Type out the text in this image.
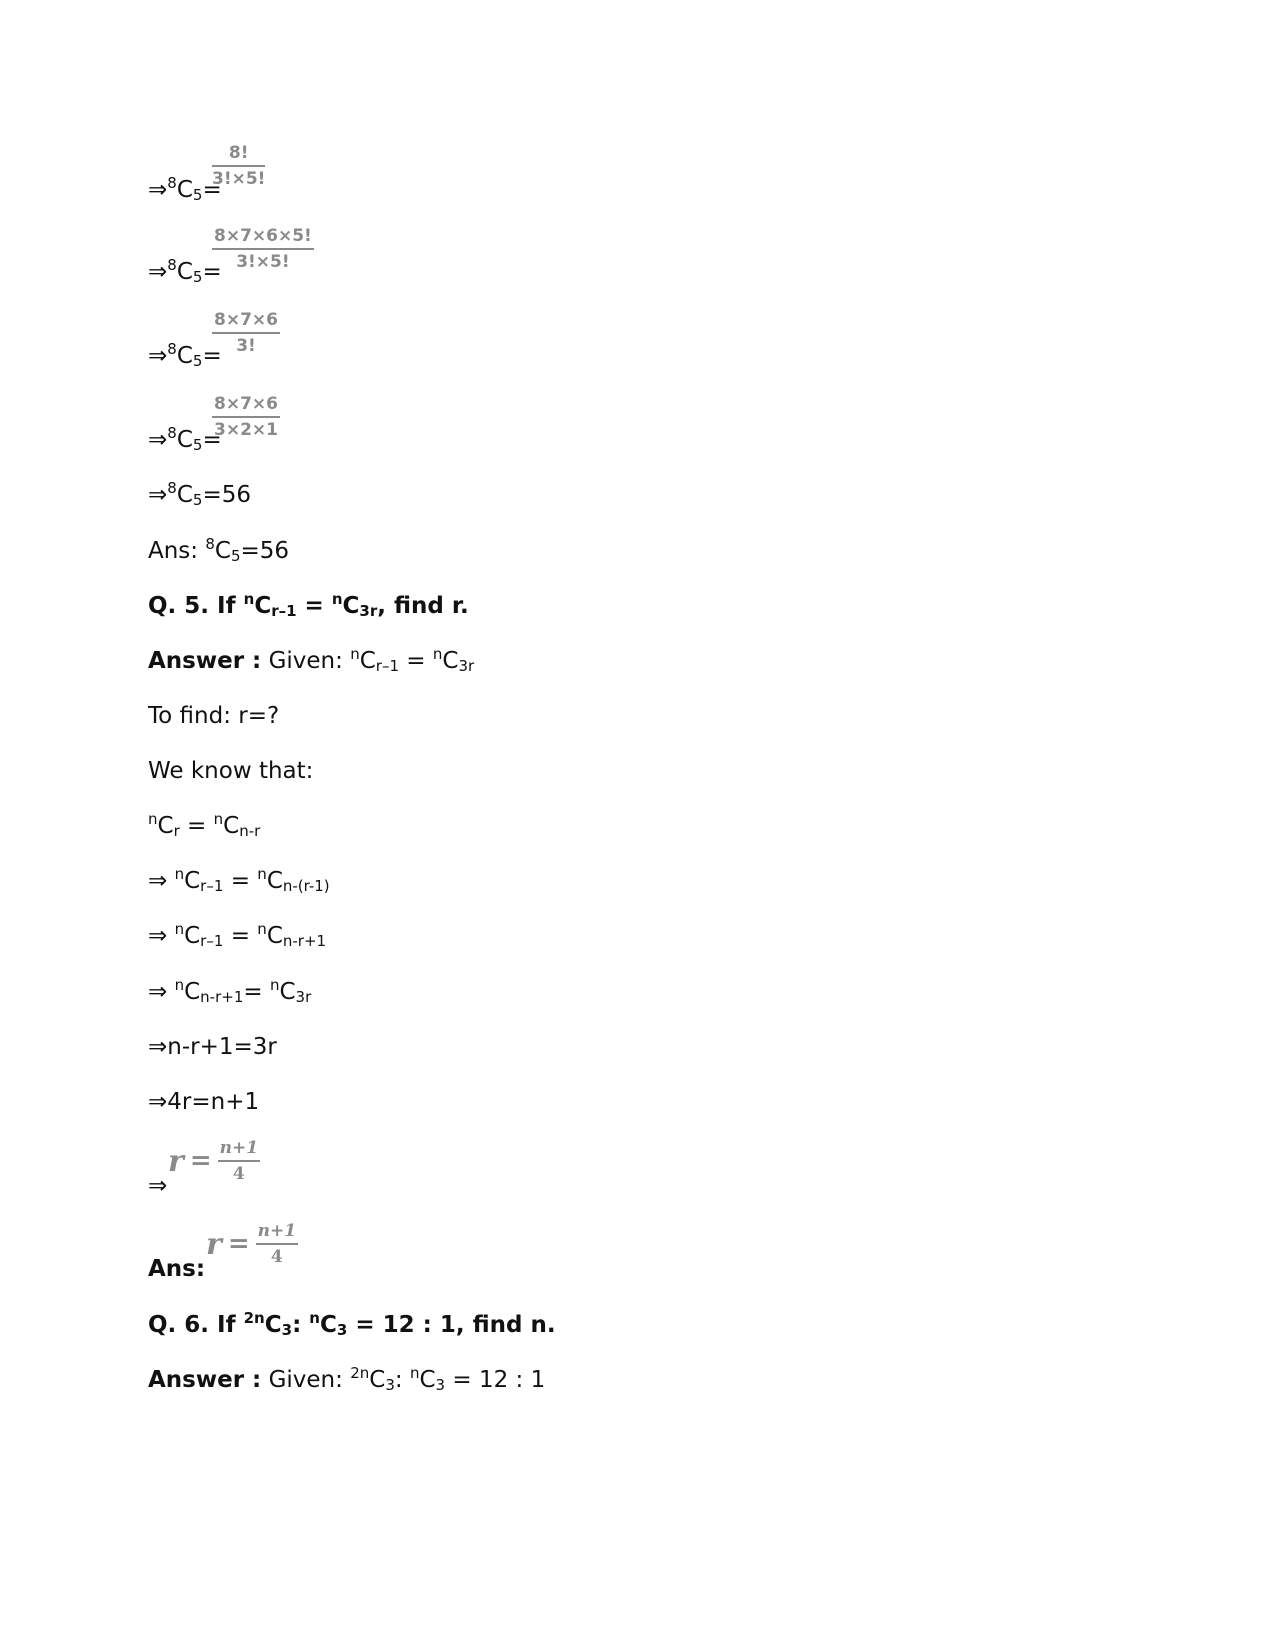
$\Rightarrow^8C_5=$
$\frac{8!}{3!\times 5!}$
$\Rightarrow^8C_5=$
$\frac{8\times 7\times 6\times 5!}{3!\times 5!}$
$\Rightarrow^8C_5=$
$\frac{8\times 7\times 6}{3!}$
$\Rightarrow^8C_5=$
$\frac{8\times 7\times 6}{3\times 2\times 1}$
$\Rightarrow^8C_5=56$
Ans: $^8C_5=56$
Q. 5. If $^nC_{r-1} = ^nC_{3r}$, find r.
Answer : Given: $^nC_{r-1} = ^nC_{3r}$
To find: r=?
We know that:
$^nC_r = ^nC_{n-r}$
⇒ $^nC_{r-1} = ^nC_{n-(r-1)}$
⇒ $^nC_{r-1} = ^nC_{n-r+1}$
⇒ $^nC_{n-r+1}= ^nC_{3r}$
⇒n-r+1=3r
⇒4r=n+1
⇒
$r = \frac{n+1}{4}$
Ans:
$r = \frac{n+1}{4}$
Q. 6. If $^{2n}C_3$: $^nC_3 = 12$ : 1, find n.
Answer : Given: $^{2n}C_3$: $^nC_3 = 12$ : 1
